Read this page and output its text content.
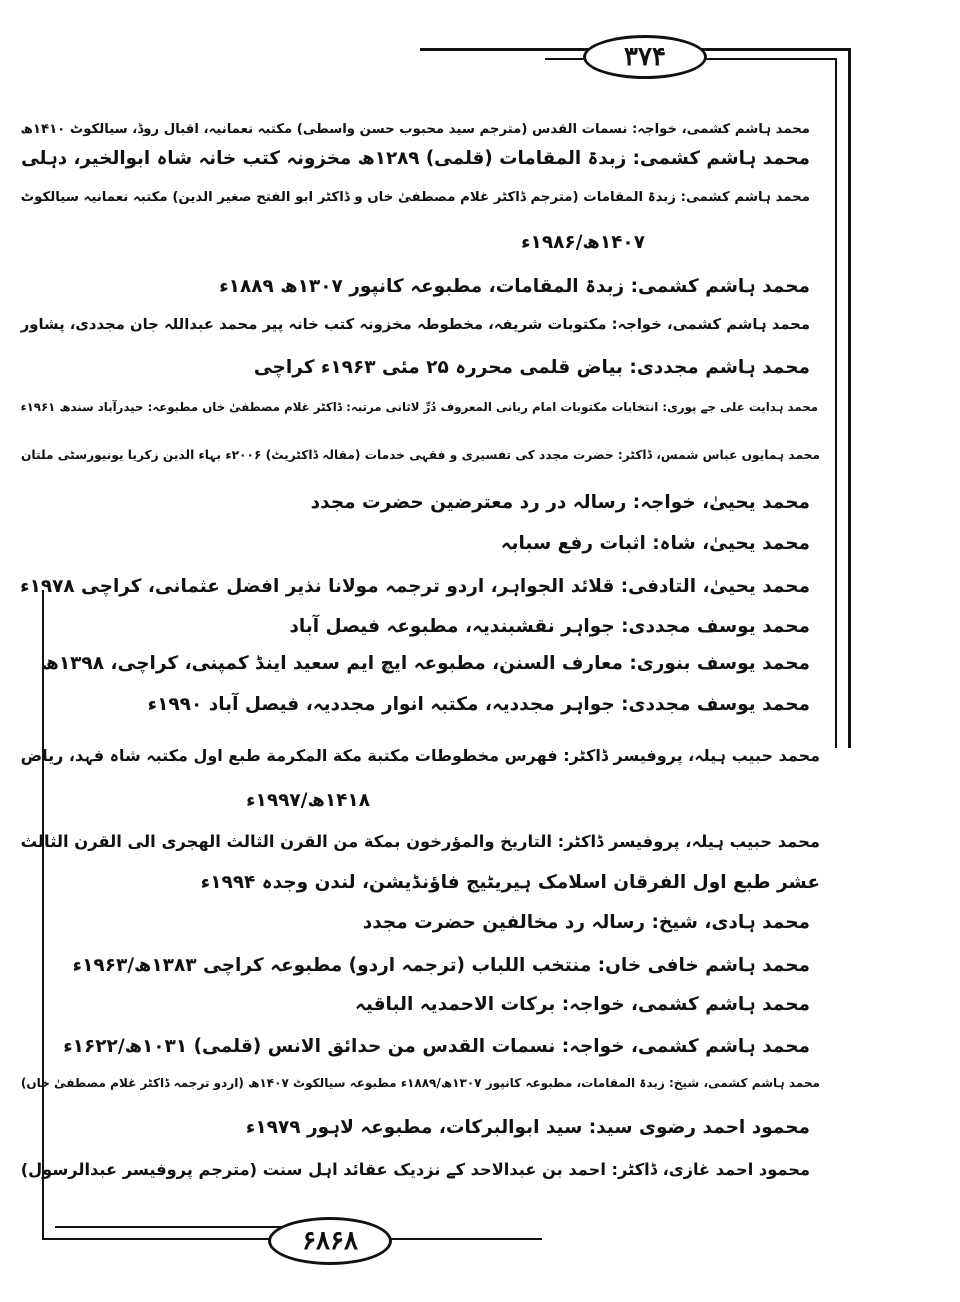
۳۷۴
محمد ہاشم کشمی، خواجہ: نسمات القدس (مترجم سید محبوب حسن واسطی) مکتبہ نعمانیہ، اقبال روڈ، سیالکوٹ ۱۴۱۰ھ
محمد ہاشم کشمی: زبدۃ المقامات (قلمی) ۱۲۸۹ھ مخزونہ کتب خانہ شاہ ابوالخیر، دہلی
محمد ہاشم کشمی: زبدۃ المقامات (مترجم ڈاکٹر غلام مصطفیٰ خاں و ڈاکٹر ابو الفتح صغیر الدین) مکتبہ نعمانیہ سیالکوٹ
۱۴۰۷ھ/۱۹۸۶ء
محمد ہاشم کشمی: زبدۃ المقامات، مطبوعہ کانپور ۱۳۰۷ھ ۱۸۸۹ء
محمد ہاشم کشمی، خواجہ: مکتوبات شریفہ، مخطوطہ مخزونہ کتب خانہ پیر محمد عبداللہ جان مجددی، پشاور
محمد ہاشم مجددی: بیاض قلمی محررہ ۲۵ مئی ۱۹۶۳ء کراچی
محمد ہدایت علی جے پوری: انتخابات مکتوبات امام ربانی المعروف دُرِّ لاثانی مرتبہ: ڈاکٹر غلام مصطفیٰ خاں مطبوعہ: حیدرآباد سندھ ۱۹۶۱ء
محمد ہمایوں عباس شمس، ڈاکٹر: حضرت مجدد کی تفسیری و فقہی خدمات (مقالہ ڈاکٹریٹ) ۲۰۰۶ء بہاء الدین زکریا یونیورسٹی ملتان
محمد یحییٰ، خواجہ: رسالہ در رد معترضین حضرت مجدد
محمد یحییٰ، شاہ: اثبات رفع سبابہ
محمد یحییٰ، التادفی: قلائد الجواہر، اردو ترجمہ مولانا نذیر افضل عثمانی، کراچی ۱۹۷۸ء
محمد یوسف مجددی: جواہر نقشبندیہ، مطبوعہ فیصل آباد
محمد یوسف بنوری: معارف السنن، مطبوعہ ایچ ایم سعید اینڈ کمپنی، کراچی، ۱۳۹۸ھ
محمد یوسف مجددی: جواہر مجددیہ، مکتبہ انوار مجددیہ، فیصل آباد ۱۹۹۰ء
محمد حبیب ہیلہ، پروفیسر ڈاکٹر: فهرس مخطوطات مكتبة مكة المكرمة طبع اول مکتبہ شاہ فہد، ریاض
۱۴۱۸ھ/۱۹۹۷ء
محمد حبیب ہیلہ، پروفیسر ڈاکٹر: التاريخ والمؤرخون بمكة من القرن الثالث الهجرى الى القرن الثالث
عشر طبع اول الفرقان اسلامک ہیریٹیج فاؤنڈیشن، لندن وجدہ ۱۹۹۴ء
محمد ہادی، شیخ: رسالہ رد مخالفین حضرت مجدد
محمد ہاشم خافی خاں: منتخب اللباب (ترجمہ اردو) مطبوعہ کراچی ۱۳۸۳ھ/۱۹۶۳ء
محمد ہاشم کشمی، خواجہ: برکات الاحمدیہ الباقیہ
محمد ہاشم کشمی، خواجہ: نسمات القدس من حدائق الانس (قلمی) ۱۰۳۱ھ/۱۶۲۲ء
محمد ہاشم کشمی، شیخ: زبدۃ المقامات، مطبوعہ کانپور ۱۳۰۷ھ/۱۸۸۹ء مطبوعہ سیالکوٹ ۱۴۰۷ھ (اردو ترجمہ ڈاکٹر غلام مصطفیٰ خاں)
محمود احمد رضوی سید: سید ابوالبرکات، مطبوعہ لاہور ۱۹۷۹ء
محمود احمد غازی، ڈاکٹر: احمد بن عبدالاحد کے نزدیک عقائد اہل سنت (مترجم پروفیسر عبدالرسول)
۶۸۶۸
